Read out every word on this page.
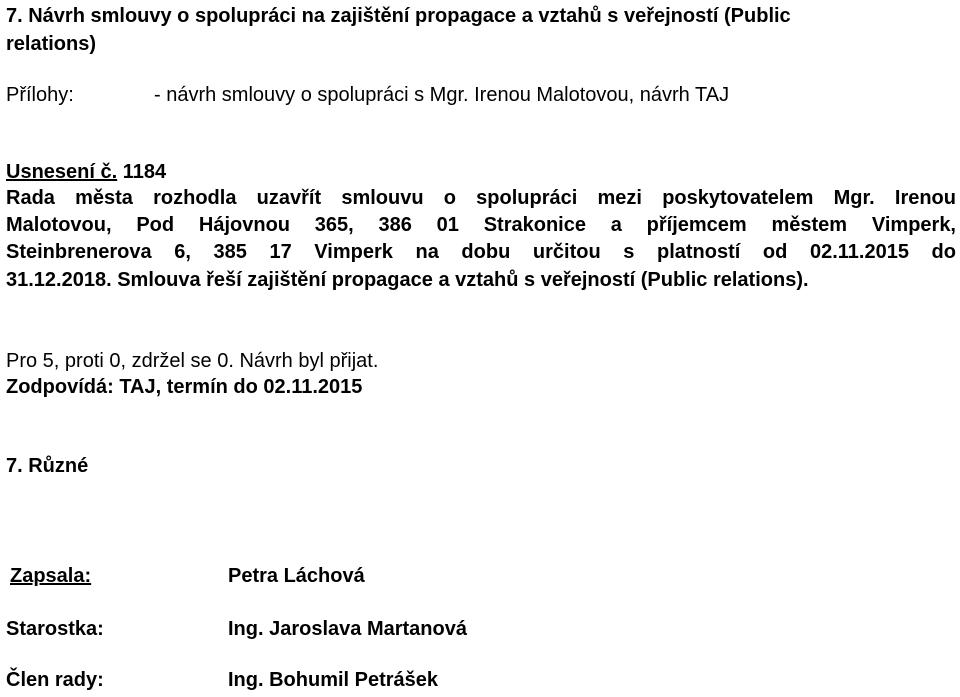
7. Návrh smlouvy o spolupráci na zajištění propagace a vztahů s veřejností (Public
relations)
Přílohy:	- návrh smlouvy o spolupráci s Mgr. Irenou Malotovou, návrh TAJ
Usnesení č. 1184
Rada města rozhodla uzavřít smlouvu o spolupráci mezi poskytovatelem Mgr. Irenou
Malotovou, Pod Hájovnou 365, 386 01 Strakonice a příjemcem městem Vimperk,
Steinbrenerova 6, 385 17 Vimperk na dobu určitou s platností od 02.11.2015 do
31.12.2018. Smlouva řeší zajištění propagace a vztahů s veřejností (Public relations).
Pro 5, proti 0, zdržel se 0. Návrh byl přijat.
Zodpovídá: TAJ, termín do 02.11.2015
7. Různé
Zapsala:	Petra Láchová
Starostka:	Ing. Jaroslava Martanová
Člen rady:	Ing. Bohumil Petrášek
